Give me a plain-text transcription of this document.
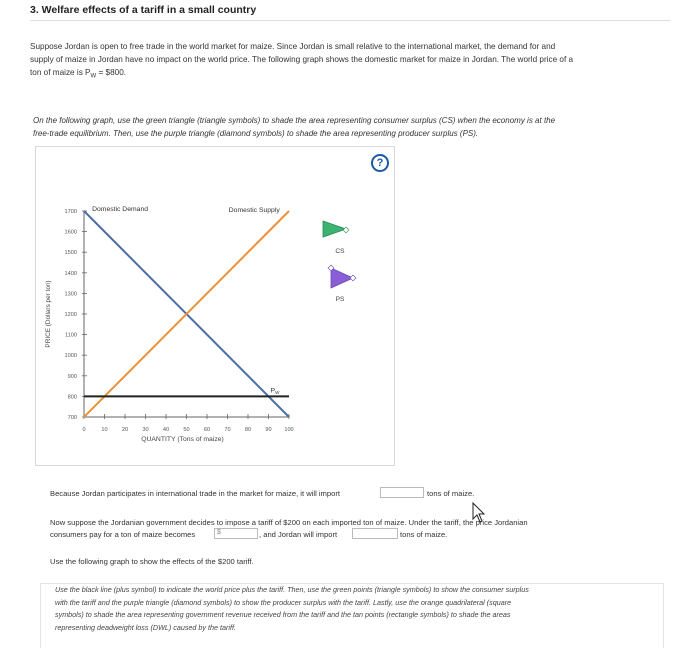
3. Welfare effects of a tariff in a small country
Suppose Jordan is open to free trade in the world market for maize. Since Jordan is small relative to the international market, the demand for and
supply of maize in Jordan have no impact on the world price. The following graph shows the domestic market for maize in Jordan. The world price of a
ton of maize is $P_W$ = $800.
On the following graph, use the green triangle (triangle symbols) to shade the area representing consumer surplus (CS) when the economy is at the
free-trade equilibrium. Then, use the purple triangle (diamond symbols) to shade the area representing producer surplus (PS).
?
700
800
900
1000
1100
1200
1300
1400
1500
1600
1700
0	10	20	30	40	50	60	70	80	90 100
QUANTITY (Tons of maize)
PRICE (Dollars per ton)
Domestic Demand	Domestic Supply
$P_W$
CS
PS
Because Jordan participates in international trade in the market for maize, it will import	tons of maize.
Now suppose the Jordanian government decides to impose a tariff of $200 on each imported ton of maize. Under the tariff, the price Jordanian
consumers pay for a ton of maize becomes	$	, and Jordan will import	tons of maize.
Use the following graph to show the effects of the $200 tariff.
Use the black line (plus symbol) to indicate the world price plus the tariff. Then, use the green points (triangle symbols) to show the consumer surplus
with the tariff and the purple triangle (diamond symbols) to show the producer surplus with the tariff. Lastly, use the orange quadrilateral (square
symbols) to shade the area representing government revenue received from the tariff and the tan points (rectangle symbols) to shade the areas
representing deadweight loss (DWL) caused by the tariff.
